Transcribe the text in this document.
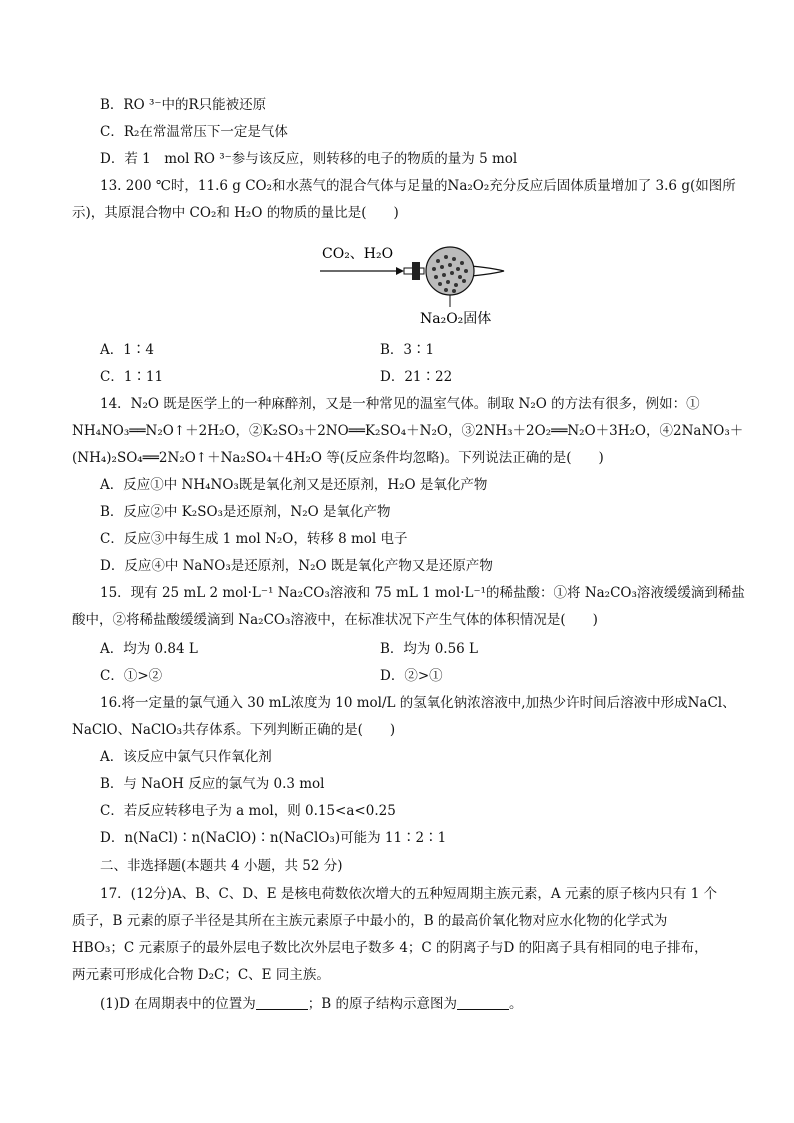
B．RO ³⁻中的R只能被还原
C．R₂在常温常压下一定是气体
D．若 1　mol RO ³⁻参与该反应，则转移的电子的物质的量为 5 mol
13. 200 ℃时，11.6 g CO₂和水蒸气的混合气体与足量的Na₂O₂充分反应后固体质量增加了 3.6 g(如图所
示)，其原混合物中 CO₂和 H₂O 的物质的量比是(　　)
CO₂、H₂O
Na₂O₂固体
A．1∶4	B．3∶1
C．1∶11	D．21∶22
14．N₂O 既是医学上的一种麻醉剂，又是一种常见的温室气体。制取 N₂O 的方法有很多，例如：①
NH₄NO₃══N₂O↑＋2H₂O，②K₂SO₃＋2NO══K₂SO₄＋N₂O，③2NH₃＋2O₂══N₂O＋3H₂O，④2NaNO₃＋
(NH₄)₂SO₄══2N₂O↑＋Na₂SO₄＋4H₂O 等(反应条件均忽略)。下列说法正确的是(　　)
A．反应①中 NH₄NO₃既是氧化剂又是还原剂，H₂O 是氧化产物
B．反应②中 K₂SO₃是还原剂，N₂O 是氧化产物
C．反应③中每生成 1 mol N₂O，转移 8 mol 电子
D．反应④中 NaNO₃是还原剂，N₂O 既是氧化产物又是还原产物
15．现有 25 mL 2 mol·L⁻¹ Na₂CO₃溶液和 75 mL 1 mol·L⁻¹的稀盐酸：①将 Na₂CO₃溶液缓缓滴到稀盐
酸中，②将稀盐酸缓缓滴到 Na₂CO₃溶液中，在标准状况下产生气体的体积情况是(　　)
A．均为 0.84 L	B．均为 0.56 L
C．①>②	D．②>①
16.将一定量的氯气通入 30 mL浓度为 10 mol/L 的氢氧化钠浓溶液中,加热少许时间后溶液中形成NaCl、
NaClO、NaClO₃共存体系。下列判断正确的是(　　)
A．该反应中氯气只作氧化剂
B．与 NaOH 反应的氯气为 0.3 mol
C．若反应转移电子为 a mol，则 0.15<a<0.25
D．n(NaCl)∶n(NaClO)∶n(NaClO₃)可能为 11∶2∶1
二、非选择题(本题共 4 小题，共 52 分)
17．(12分)A、B、C、D、E 是核电荷数依次增大的五种短周期主族元素，A 元素的原子核内只有 1 个
质子，B 元素的原子半径是其所在主族元素原子中最小的，B 的最高价氧化物对应水化物的化学式为
HBO₃；C 元素原子的最外层电子数比次外层电子数多 4；C 的阴离子与D 的阳离子具有相同的电子排布，
两元素可形成化合物 D₂C；C、E 同主族。
(1)D 在周期表中的位置为	；B 的原子结构示意图为	。
